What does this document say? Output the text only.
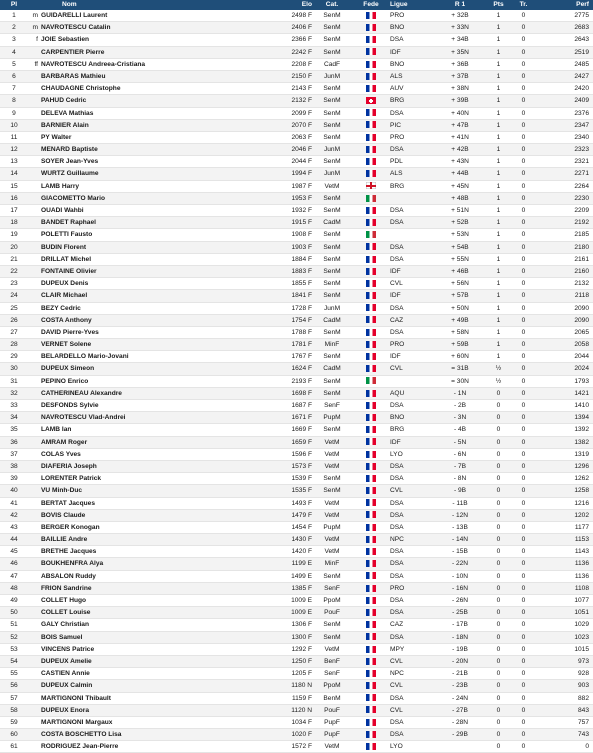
Pl	Nom	Elo	Cat.	Fede	Ligue	R 1	Pts	Tr.	Perf
1	m GUIDARELLI Laurent	2498 F	SenM		PRO	+ 32B	1	0	2775
2	m NAVROTESCU Catalin	2406 F	SenM		BNO	+ 33N	1	0	2683
3	f JOIE Sebastien	2366 F	SenM		DSA	+ 34B	1	0	2643
4	CARPENTIER Pierre	2242 F	SenM		IDF	+ 35N	1	0	2519
5	ff NAVROTESCU Andreea-Cristiana	2208 F	CadF		BNO	+ 36B	1	0	2485
6	BARBARAS Mathieu	2150 F	JunM		ALS	+ 37B	1	0	2427
7	CHAUDAGNE Christophe	2143 F	SenM		AUV	+ 38N	1	0	2420
8	PAHUD Cedric	2132 F	SenM		BRG	+ 39B	1	0	2409
9	DELEVA Mathias	2099 F	SenM		DSA	+ 40N	1	0	2376
10	BARNIER Alain	2070 F	SenM		PIC	+ 47B	1	0	2347
11	PY Walter	2063 F	SenM		PRO	+ 41N	1	0	2340
12	MENARD Baptiste	2046 F	JunM		DSA	+ 42B	1	0	2323
13	SOYER Jean-Yves	2044 F	SenM		PDL	+ 43N	1	0	2321
14	WURTZ Guillaume	1994 F	JunM		ALS	+ 44B	1	0	2271
15	LAMB Harry	1987 F	VetM		BRG	+ 45N	1	0	2264
16	GIACOMETTO Mario	1953 F	SenM			+ 48B	1	0	2230
17	OUADI Wahbi	1932 F	SenM		DSA	+ 51N	1	0	2209
18	BANDET Raphael	1915 F	CadM		DSA	+ 52B	1	0	2192
19	POLETTI Fausto	1908 F	SenM			+ 53N	1	0	2185
20	BUDIN Florent	1903 F	SenM		DSA	+ 54B	1	0	2180
21	DRILLAT Michel	1884 F	SenM		DSA	+ 55N	1	0	2161
22	FONTAINE Olivier	1883 F	SenM		IDF	+ 46B	1	0	2160
23	DUPEUX Denis	1855 F	SenM		CVL	+ 56N	1	0	2132
24	CLAIR Michael	1841 F	SenM		IDF	+ 57B	1	0	2118
25	BEZY Cedric	1728 F	JunM		DSA	+ 50N	1	0	2090
26	COSTA Anthony	1754 F	CadM		CAZ	+ 49B	1	0	2090
27	DAVID Pierre-Yves	1788 F	SenM		DSA	+ 58N	1	0	2065
28	VERNET Solene	1781 F	MinF		PRO	+ 59B	1	0	2058
29	BELARDELLO Mario-Jovani	1767 F	SenM		IDF	+ 60N	1	0	2044
30	DUPEUX Simeon	1624 F	CadM		CVL	= 31B	½	0	2024
31	PEPINO Enrico	2193 F	SenM			= 30N	½	0	1793
32	CATHERINEAU Alexandre	1698 F	SenM		AQU	- 1N	0	0	1421
33	DESFONDS Sylvie	1687 F	SenF		DSA	- 2B	0	0	1410
34	NAVROTESCU Vlad-Andrei	1671 F	PupM		BNO	- 3N	0	0	1394
35	LAMB Ian	1669 F	SenM		BRG	- 4B	0	0	1392
36	AMRAM Roger	1659 F	VetM		IDF	- 5N	0	0	1382
37	COLAS Yves	1596 F	VetM		LYO	- 6N	0	0	1319
38	DIAFERIA Joseph	1573 F	VetM		DSA	- 7B	0	0	1296
39	LORENTER Patrick	1539 F	SenM		DSA	- 8N	0	0	1262
40	VU Minh-Duc	1535 F	SenM		CVL	- 9B	0	0	1258
41	BERTAT Jacques	1493 F	VetM		DSA	- 11B	0	0	1216
42	BOVIS Claude	1479 F	VetM		DSA	- 12N	0	0	1202
43	BERGER Konogan	1454 F	PupM		DSA	- 13B	0	0	1177
44	BAILLIE Andre	1430 F	VetM		NPC	- 14N	0	0	1153
45	BRETHE Jacques	1420 F	VetM		DSA	- 15B	0	0	1143
46	BOUKHENFRA Alya	1199 E	MinF		DSA	- 22N	0	0	1136
47	ABSALON Ruddy	1499 E	SenM		DSA	- 10N	0	0	1136
48	FRION Sandrine	1385 F	SenF		PRO	- 16N	0	0	1108
49	COLLET Hugo	1009 E	PpoM		DSA	- 26N	0	0	1077
50	COLLET Louise	1009 E	PouF		DSA	- 25B	0	0	1051
51	GALY Christian	1306 F	SenM		CAZ	- 17B	0	0	1029
52	BOIS Samuel	1300 F	SenM		DSA	- 18N	0	0	1023
53	VINCENS Patrice	1292 F	VetM		MPY	- 19B	0	0	1015
54	DUPEUX Amelie	1250 F	BenF		CVL	- 20N	0	0	973
55	CASTIEN Annie	1205 F	SenF		NPC	- 21B	0	0	928
56	DUPEUX Calmin	1180 N	PpoM		CVL	- 23B	0	0	903
57	MARTIGNONI Thibault	1159 F	BenM		DSA	- 24N	0	0	882
58	DUPEUX Enora	1120 N	PouF		CVL	- 27B	0	0	843
59	MARTIGNONI Margaux	1034 F	PupF		DSA	- 28N	0	0	757
60	COSTA BOSCHETTO Lisa	1020 F	PupF		DSA	- 29B	0	0	743
61	RODRIGUEZ Jean-Pierre	1572 F	VetM		LYO		0	0	0
